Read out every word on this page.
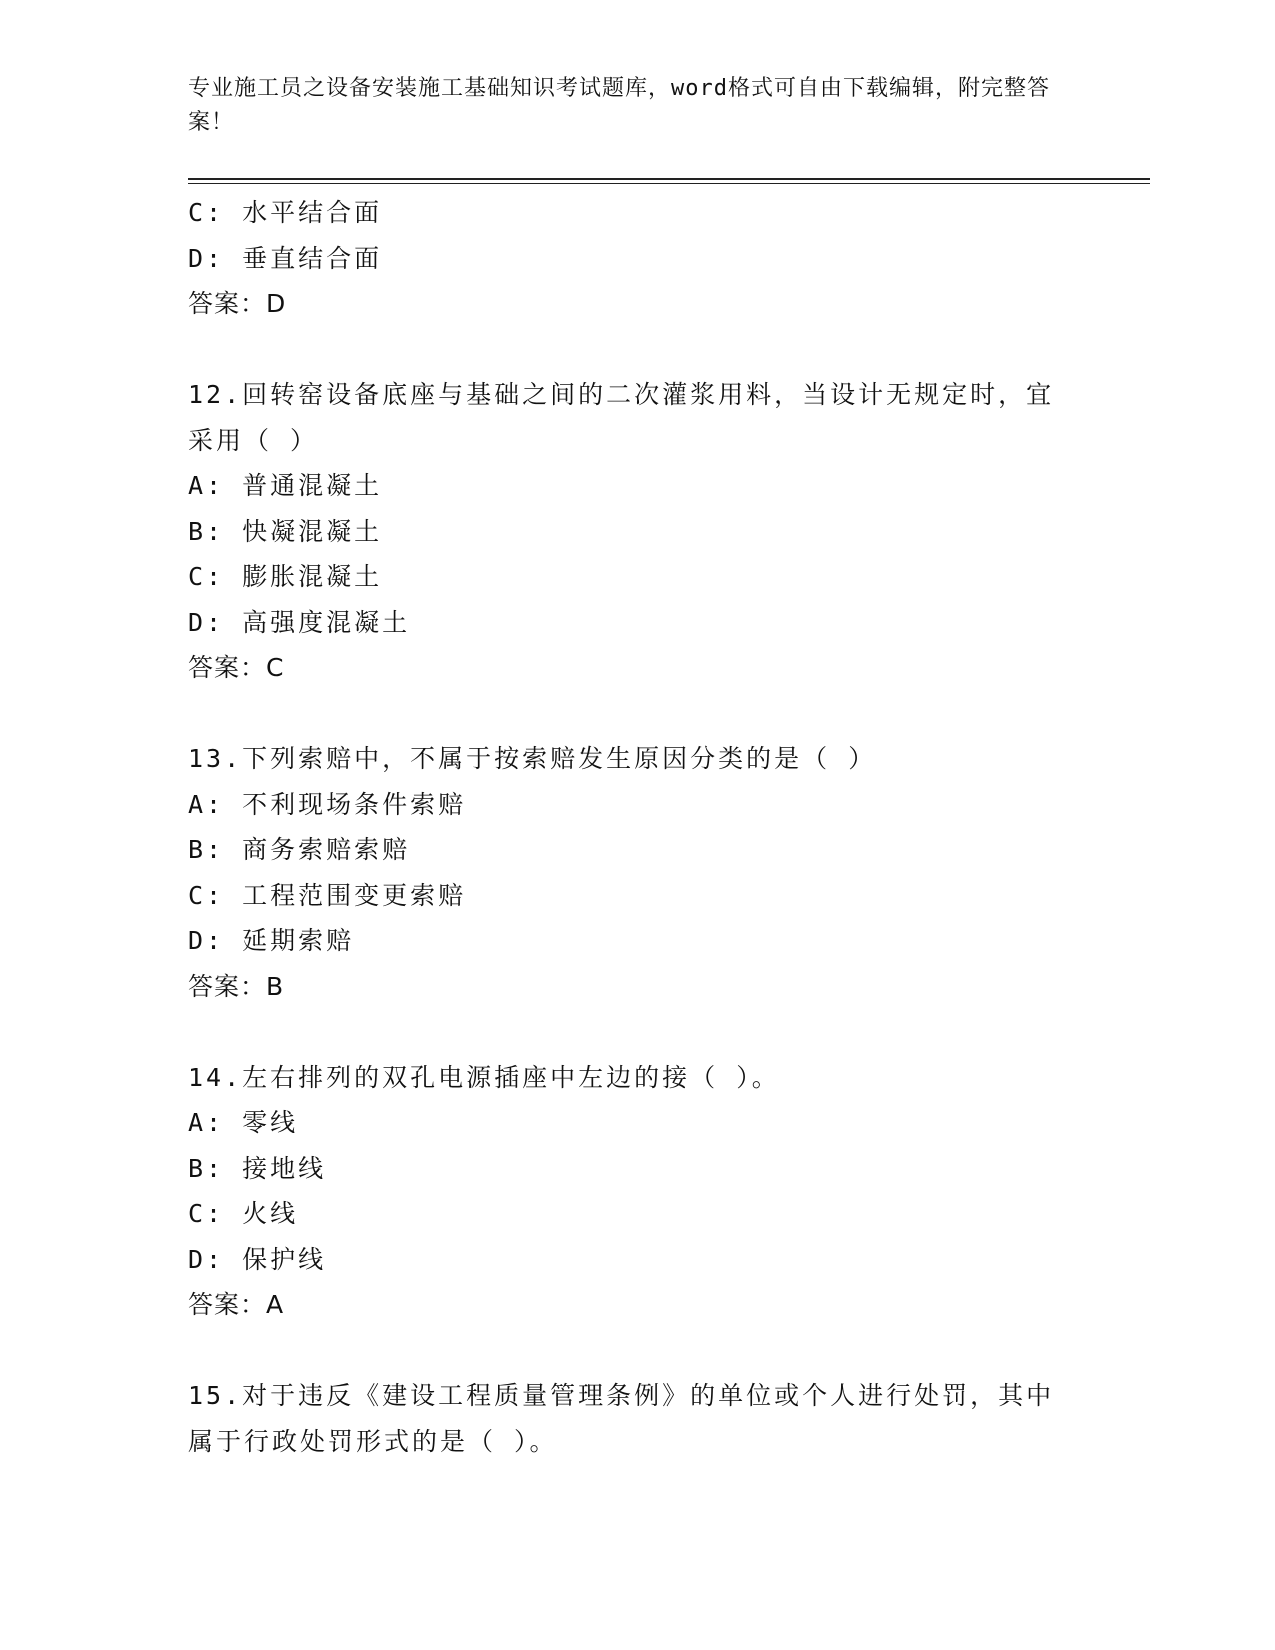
专业施工员之设备安装施工基础知识考试题库，word格式可自由下载编辑，附完整答案！
C: 水平结合面
D: 垂直结合面
答案：D
12.回转窑设备底座与基础之间的二次灌浆用料，当设计无规定时，宜采用（ ）
A: 普通混凝土
B: 快凝混凝土
C: 膨胀混凝土
D: 高强度混凝土
答案：C
13.下列索赔中，不属于按索赔发生原因分类的是（ ）
A: 不利现场条件索赔
B: 商务索赔索赔
C: 工程范围变更索赔
D: 延期索赔
答案：B
14.左右排列的双孔电源插座中左边的接（ ）。
A: 零线
B: 接地线
C: 火线
D: 保护线
答案：A
15.对于违反《建设工程质量管理条例》的单位或个人进行处罚，其中属于行政处罚形式的是（ ）。
